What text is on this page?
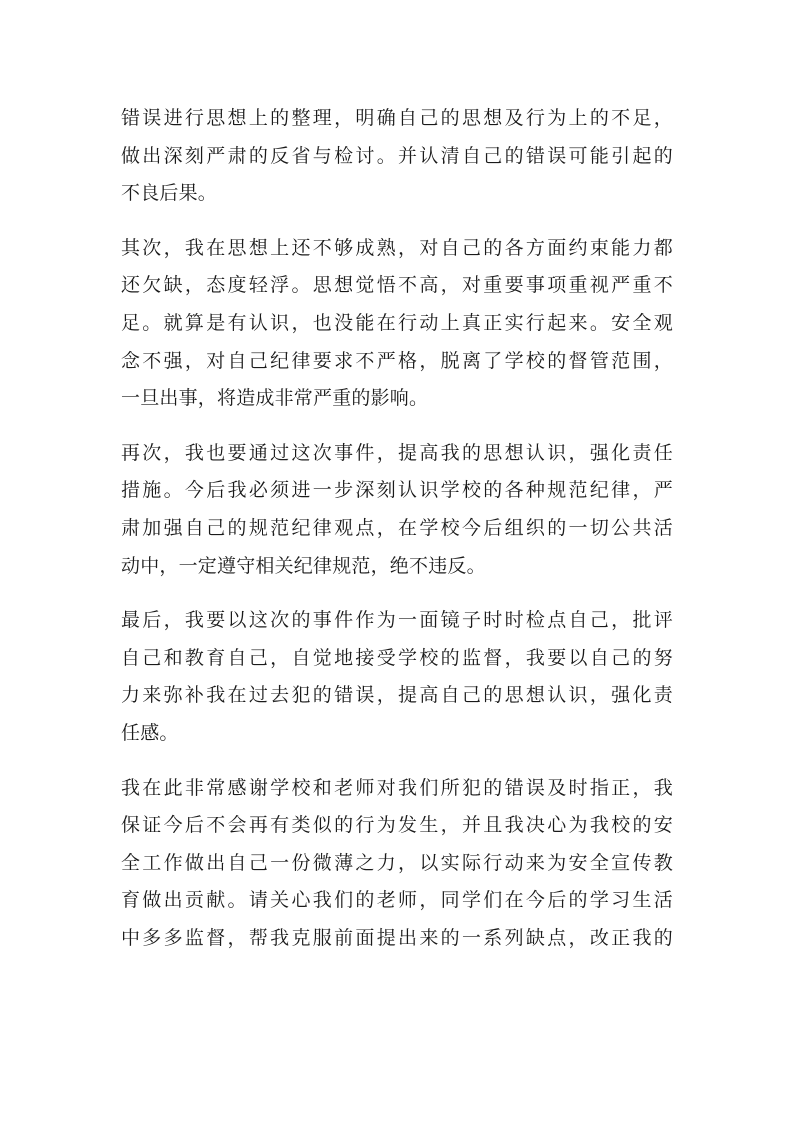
错误进行思想上的整理，明确自己的思想及行为上的不足，
做出深刻严肃的反省与检讨。并认清自己的错误可能引起的
不良后果。

其次，我在思想上还不够成熟，对自己的各方面约束能力都
还欠缺，态度轻浮。思想觉悟不高，对重要事项重视严重不
足。就算是有认识，也没能在行动上真正实行起来。安全观
念不强，对自己纪律要求不严格，脱离了学校的督管范围，
一旦出事，将造成非常严重的影响。

再次，我也要通过这次事件，提高我的思想认识，强化责任
措施。今后我必须进一步深刻认识学校的各种规范纪律，严
肃加强自己的规范纪律观点，在学校今后组织的一切公共活
动中，一定遵守相关纪律规范，绝不违反。

最后，我要以这次的事件作为一面镜子时时检点自己，批评
自己和教育自己，自觉地接受学校的监督，我要以自己的努
力来弥补我在过去犯的错误，提高自己的思想认识，强化责
任感。

我在此非常感谢学校和老师对我们所犯的错误及时指正，我
保证今后不会再有类似的行为发生，并且我决心为我校的安
全工作做出自己一份微薄之力，以实际行动来为安全宣传教
育做出贡献。请关心我们的老师，同学们在今后的学习生活
中多多监督，帮我克服前面提出来的一系列缺点，改正我的
